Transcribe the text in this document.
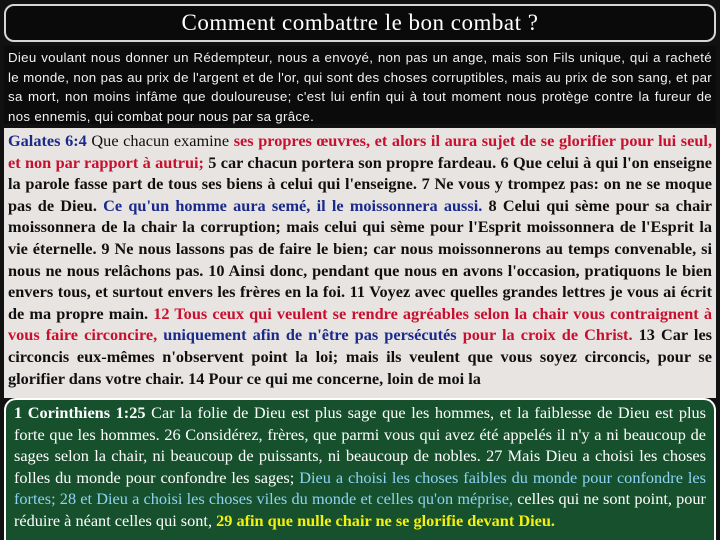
Comment combattre le bon combat ?
Dieu voulant nous donner un Rédempteur, nous a envoyé, non pas un ange, mais son Fils unique, qui a racheté le monde, non pas au prix de l'argent et de l'or, qui sont des choses corruptibles, mais au prix de son sang, et par sa mort, non moins infâme que douloureuse; c'est lui enfin qui à tout moment nous protège contre la fureur de nos ennemis, qui combat pour nous par sa grâce.
Galates 6:4 Que chacun examine ses propres œuvres, et alors il aura sujet de se glorifier pour lui seul, et non par rapport à autrui; 5 car chacun portera son propre fardeau. 6 Que celui à qui l'on enseigne la parole fasse part de tous ses biens à celui qui l'enseigne. 7 Ne vous y trompez pas: on ne se moque pas de Dieu. Ce qu'un homme aura semé, il le moissonnera aussi. 8 Celui qui sème pour sa chair moissonnera de la chair la corruption; mais celui qui sème pour l'Esprit moissonnera de l'Esprit la vie éternelle. 9 Ne nous lassons pas de faire le bien; car nous moissonnerons au temps convenable, si nous ne nous relâchons pas. 10 Ainsi donc, pendant que nous en avons l'occasion, pratiquons le bien envers tous, et surtout envers les frères en la foi. 11 Voyez avec quelles grandes lettres je vous ai écrit de ma propre main. 12 Tous ceux qui veulent se rendre agréables selon la chair vous contraignent à vous faire circoncire, uniquement afin de n'être pas persécutés pour la croix de Christ. 13 Car les circoncis eux-mêmes n'observent point la loi; mais ils veulent que vous soyez circoncis, pour se glorifier dans votre chair. 14 Pour ce qui me concerne, loin de moi la
1 Corinthiens 1:25 Car la folie de Dieu est plus sage que les hommes, et la faiblesse de Dieu est plus forte que les hommes. 26 Considérez, frères, que parmi vous qui avez été appelés il n'y a ni beaucoup de sages selon la chair, ni beaucoup de puissants, ni beaucoup de nobles. 27 Mais Dieu a choisi les choses folles du monde pour confondre les sages; Dieu a choisi les choses faibles du monde pour confondre les fortes; 28 et Dieu a choisi les choses viles du monde et celles qu'on méprise, celles qui ne sont point, pour réduire à néant celles qui sont, 29 afin que nulle chair ne se glorifie devant Dieu.
